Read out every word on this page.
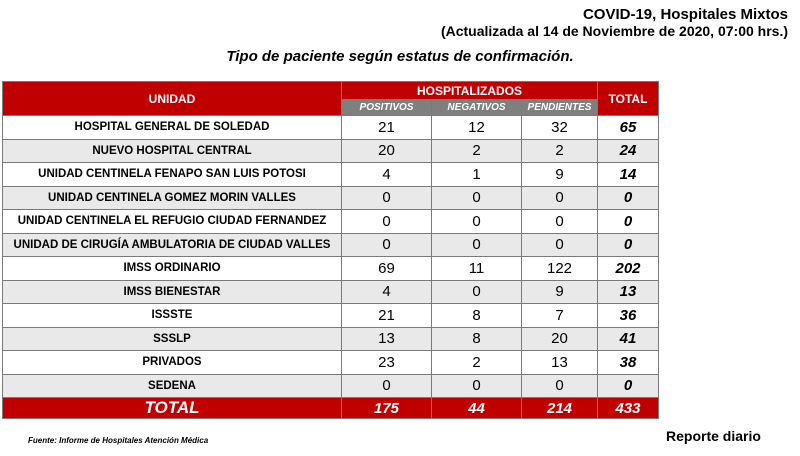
COVID-19, Hospitales Mixtos
(Actualizada al 14 de Noviembre de 2020, 07:00 hrs.)
Tipo de paciente según estatus de confirmación.
UNIDAD	HOSPITALIZADOS			TOTAL
	POSITIVOS	NEGATIVOS	PENDIENTES	
HOSPITAL GENERAL DE SOLEDAD	21	12	32	65
NUEVO HOSPITAL CENTRAL	20	2	2	24
UNIDAD CENTINELA FENAPO SAN LUIS POTOSI	4	1	9	14
UNIDAD CENTINELA GOMEZ MORIN VALLES	0	0	0	0
UNIDAD CENTINELA EL REFUGIO CIUDAD FERNANDEZ	0	0	0	0
UNIDAD DE CIRUGÍA AMBULATORIA DE CIUDAD VALLES	0	0	0	0
IMSS ORDINARIO	69	11	122	202
IMSS BIENESTAR	4	0	9	13
ISSSTE	21	8	7	36
SSSLP	13	8	20	41
PRIVADOS	23	2	13	38
SEDENA	0	0	0	0
TOTAL	175	44	214	433
Fuente: Informe de Hospitales Atención Médica	Reporte diario
